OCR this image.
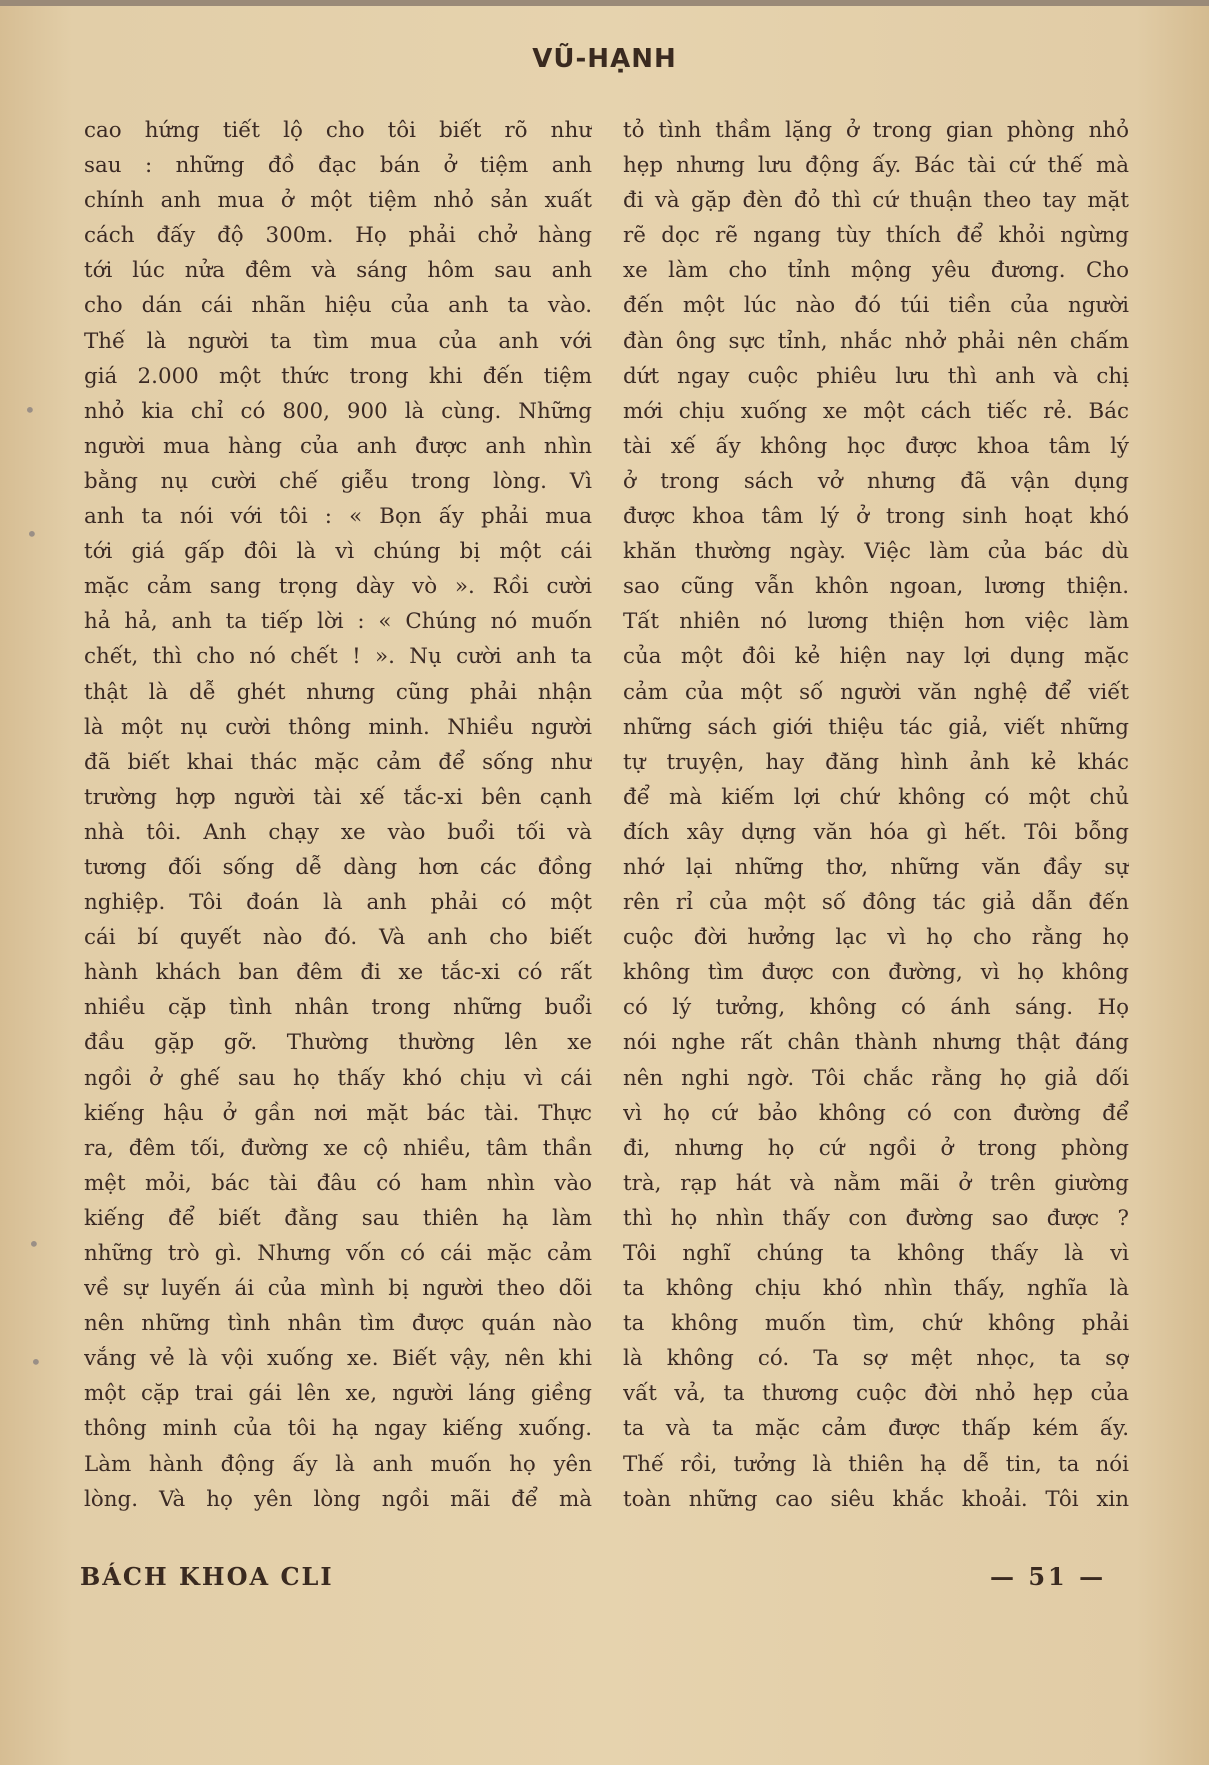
VŨ-HẠNH
cao hứng tiết lộ cho tôi biết rõ như
sau : những đồ đạc bán ở tiệm anh
chính anh mua ở một tiệm nhỏ sản xuất
cách đấy độ 300m. Họ phải chở hàng
tới lúc nửa đêm và sáng hôm sau anh
cho dán cái nhãn hiệu của anh ta vào.
Thế là người ta tìm mua của anh với
giá 2.000 một thức trong khi đến tiệm
nhỏ kia chỉ có 800, 900 là cùng. Những
người mua hàng của anh được anh nhìn
bằng nụ cười chế giễu trong lòng. Vì
anh ta nói với tôi : « Bọn ấy phải mua
tới giá gấp đôi là vì chúng bị một cái
mặc cảm sang trọng dày vò ». Rồi cười
hả hả, anh ta tiếp lời : « Chúng nó muốn
chết, thì cho nó chết ! ». Nụ cười anh ta
thật là dễ ghét nhưng cũng phải nhận
là một nụ cười thông minh. Nhiều người
đã biết khai thác mặc cảm để sống như
trường hợp người tài xế tắc-xi bên cạnh
nhà tôi. Anh chạy xe vào buổi tối và
tương đối sống dễ dàng hơn các đồng
nghiệp. Tôi đoán là anh phải có một
cái bí quyết nào đó. Và anh cho biết
hành khách ban đêm đi xe tắc-xi có rất
nhiều cặp tình nhân trong những buổi
đầu gặp gỡ. Thường thường lên xe
ngồi ở ghế sau họ thấy khó chịu vì cái
kiếng hậu ở gần nơi mặt bác tài. Thực
ra, đêm tối, đường xe cộ nhiều, tâm thần
mệt mỏi, bác tài đâu có ham nhìn vào
kiếng để biết đằng sau thiên hạ làm
những trò gì. Nhưng vốn có cái mặc cảm
về sự luyến ái của mình bị người theo dõi
nên những tình nhân tìm được quán nào
vắng vẻ là vội xuống xe. Biết vậy, nên khi
một cặp trai gái lên xe, người láng giềng
thông minh của tôi hạ ngay kiếng xuống.
Làm hành động ấy là anh muốn họ yên
lòng. Và họ yên lòng ngồi mãi để mà
tỏ tình thầm lặng ở trong gian phòng nhỏ
hẹp nhưng lưu động ấy. Bác tài cứ thế mà
đi và gặp đèn đỏ thì cứ thuận theo tay mặt
rẽ dọc rẽ ngang tùy thích để khỏi ngừng
xe làm cho tỉnh mộng yêu đương. Cho
đến một lúc nào đó túi tiền của người
đàn ông sực tỉnh, nhắc nhở phải nên chấm
dứt ngay cuộc phiêu lưu thì anh và chị
mới chịu xuống xe một cách tiếc rẻ. Bác
tài xế ấy không học được khoa tâm lý
ở trong sách vở nhưng đã vận dụng
được khoa tâm lý ở trong sinh hoạt khó
khăn thường ngày. Việc làm của bác dù
sao cũng vẫn khôn ngoan, lương thiện.
Tất nhiên nó lương thiện hơn việc làm
của một đôi kẻ hiện nay lợi dụng mặc
cảm của một số người văn nghệ để viết
những sách giới thiệu tác giả, viết những
tự truyện, hay đăng hình ảnh kẻ khác
để mà kiếm lợi chứ không có một chủ
đích xây dựng văn hóa gì hết. Tôi bỗng
nhớ lại những thơ, những văn đầy sự
rên rỉ của một số đông tác giả dẫn đến
cuộc đời hưởng lạc vì họ cho rằng họ
không tìm được con đường, vì họ không
có lý tưởng, không có ánh sáng. Họ
nói nghe rất chân thành nhưng thật đáng
nên nghi ngờ. Tôi chắc rằng họ giả dối
vì họ cứ bảo không có con đường để
đi, nhưng họ cứ ngồi ở trong phòng
trà, rạp hát và nằm mãi ở trên giường
thì họ nhìn thấy con đường sao được ?
Tôi nghĩ chúng ta không thấy là vì
ta không chịu khó nhìn thấy, nghĩa là
ta không muốn tìm, chứ không phải
là không có. Ta sợ mệt nhọc, ta sợ
vất vả, ta thương cuộc đời nhỏ hẹp của
ta và ta mặc cảm được thấp kém ấy.
Thế rồi, tưởng là thiên hạ dễ tin, ta nói
toàn những cao siêu khắc khoải. Tôi xin
BÁCH KHOA CLI	— 51 —
•
•
•
•
